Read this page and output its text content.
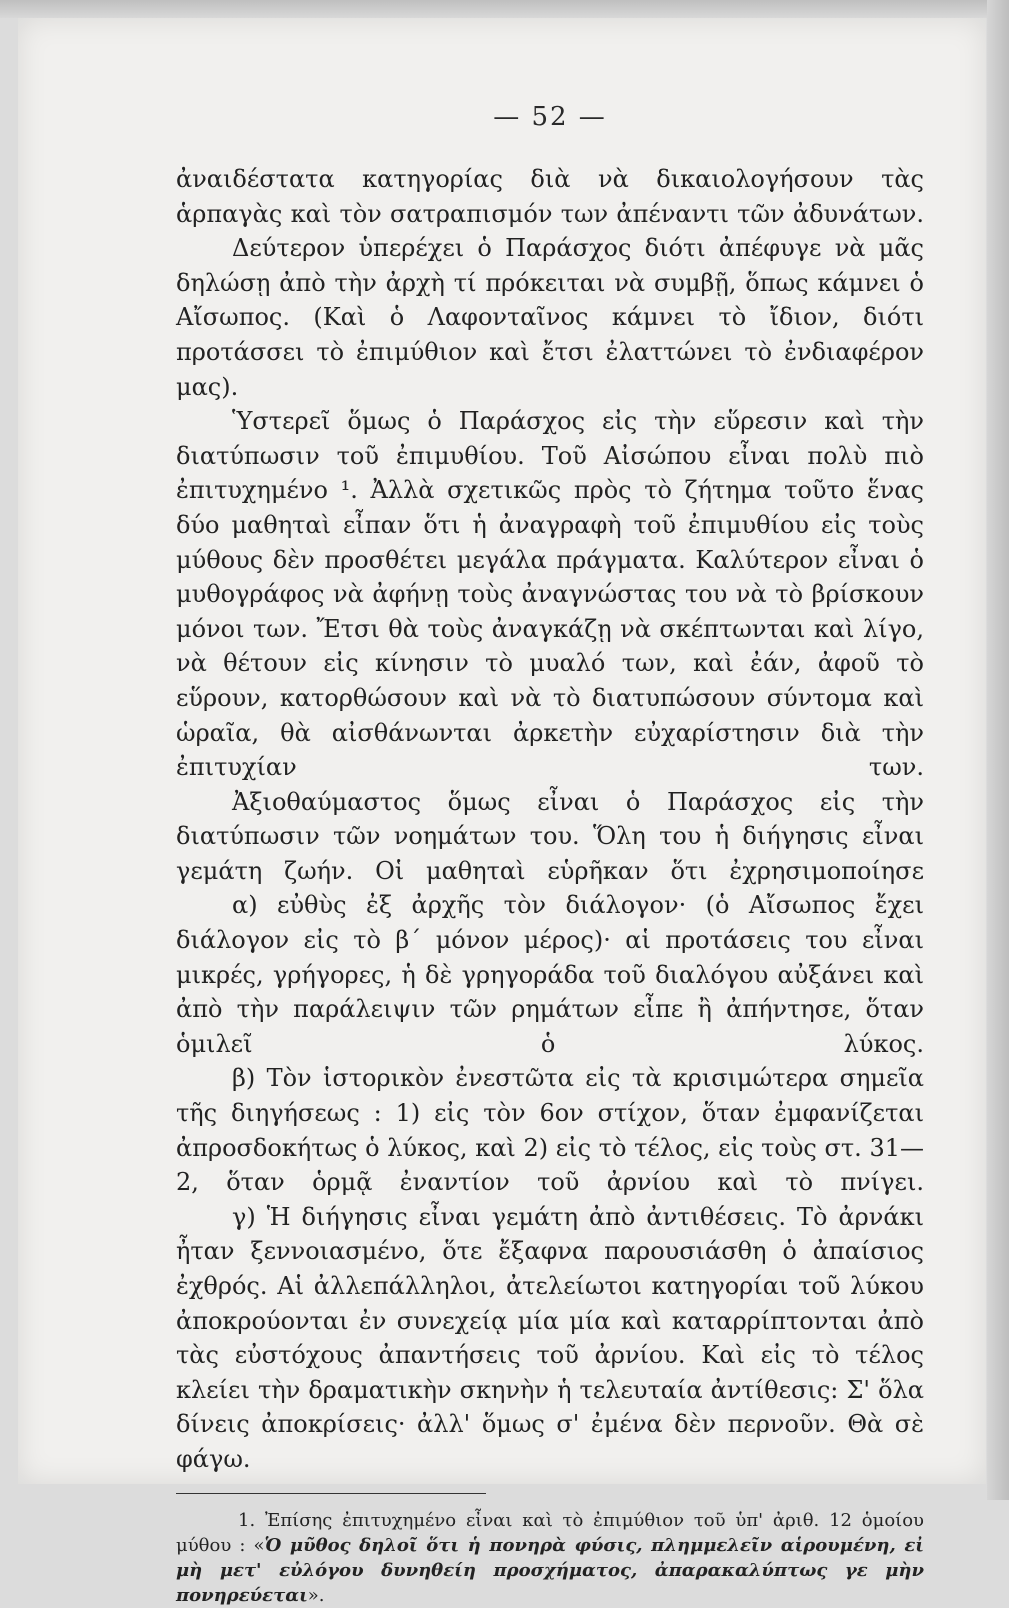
— 52 —

ἀναιδέστατα κατηγορίας διὰ νὰ δικαιολογήσουν τὰς ἁρπαγὰς καὶ τὸν σατραπισμόν των ἀπέναντι τῶν ἀδυνάτων.

Δεύτερον ὑπερέχει ὁ Παράσχος διότι ἀπέφυγε νὰ μᾶς δηλώσῃ ἀπὸ τὴν ἀρχὴ τί πρόκειται νὰ συμβῇ, ὅπως κάμνει ὁ Αἴσωπος. (Καὶ ὁ Λαφονταῖνος κάμνει τὸ ἴδιον, διότι προτάσσει τὸ ἐπιμύθιον καὶ ἔτσι ἐλαττώνει τὸ ἐνδιαφέρον μας).

Ὑστερεῖ ὅμως ὁ Παράσχος εἰς τὴν εὕρεσιν καὶ τὴν διατύπωσιν τοῦ ἐπιμυθίου. Τοῦ Αἰσώπου εἶναι πολὺ πιὸ ἐπιτυχημένο ¹. Ἀλλὰ σχετικῶς πρὸς τὸ ζήτημα τοῦτο ἕνας δύο μαθηταὶ εἶπαν ὅτι ἡ ἀναγραφὴ τοῦ ἐπιμυθίου εἰς τοὺς μύθους δὲν προσθέτει μεγάλα πράγματα. Καλύτερον εἶναι ὁ μυθογράφος νὰ ἀφήνῃ τοὺς ἀναγνώστας του νὰ τὸ βρίσκουν μόνοι των. Ἔτσι θὰ τοὺς ἀναγκάζῃ νὰ σκέπτωνται καὶ λίγο, νὰ θέτουν εἰς κίνησιν τὸ μυαλό των, καὶ ἐάν, ἀφοῦ τὸ εὕρουν, κατορθώσουν καὶ νὰ τὸ διατυπώσουν σύντομα καὶ ὡραῖα, θὰ αἰσθάνωνται ἀρκετὴν εὐχαρίστησιν διὰ τὴν ἐπιτυχίαν των.

Ἀξιοθαύμαστος ὅμως εἶναι ὁ Παράσχος εἰς τὴν διατύπωσιν τῶν νοημάτων του. Ὅλη του ἡ διήγησις εἶναι γεμάτη ζωήν. Οἱ μαθηταὶ εὑρῆκαν ὅτι ἐχρησιμοποίησε

α) εὐθὺς ἐξ ἀρχῆς τὸν διάλογον· (ὁ Αἴσωπος ἔχει διάλογον εἰς τὸ β΄ μόνον μέρος)· αἱ προτάσεις του εἶναι μικρές, γρήγορες, ἡ δὲ γρηγοράδα τοῦ διαλόγου αὐξάνει καὶ ἀπὸ τὴν παράλειψιν τῶν ρημάτων εἶπε ἢ ἀπήντησε, ὅταν ὁμιλεῖ ὁ λύκος.

β) Τὸν ἱστορικὸν ἐνεστῶτα εἰς τὰ κρισιμώτερα σημεῖα τῆς διηγήσεως : 1) εἰς τὸν 6ον στίχον, ὅταν ἐμφανίζεται ἀπροσδοκήτως ὁ λύκος, καὶ 2) εἰς τὸ τέλος, εἰς τοὺς στ. 31—2, ὅταν ὁρμᾷ ἐναντίον τοῦ ἀρνίου καὶ τὸ πνίγει.

γ) Ἡ διήγησις εἶναι γεμάτη ἀπὸ ἀντιθέσεις. Τὸ ἀρνάκι ἦταν ξεννοιασμένο, ὅτε ἔξαφνα παρουσιάσθη ὁ ἀπαίσιος ἐχθρός. Αἱ ἀλλεπάλληλοι, ἀτελείωτοι κατηγορίαι τοῦ λύκου ἀποκρούονται ἐν συνεχείᾳ μία μία καὶ καταρρίπτονται ἀπὸ τὰς εὐστόχους ἀπαντήσεις τοῦ ἀρνίου. Καὶ εἰς τὸ τέλος κλείει τὴν δραματικὴν σκηνὴν ἡ τελευταία ἀντίθεσις: Σ' ὅλα δίνεις ἀποκρίσεις· ἀλλ' ὅμως σ' ἐμένα δὲν περνοῦν. Θὰ σὲ φάγω.

1. Ἐπίσης ἐπιτυχημένο εἶναι καὶ τὸ ἐπιμύθιον τοῦ ὑπ' ἀριθ. 12 ὁμοίου μύθου : «Ὁ μῦθος δηλοῖ ὅτι ἡ πονηρὰ φύσις, πλημμελεῖν αἱρουμένη, εἰ μὴ μετ' εὐλόγου δυνηθείη προσχήματος, ἀπαρακαλύπτως γε μὴν πονηρεύεται».
